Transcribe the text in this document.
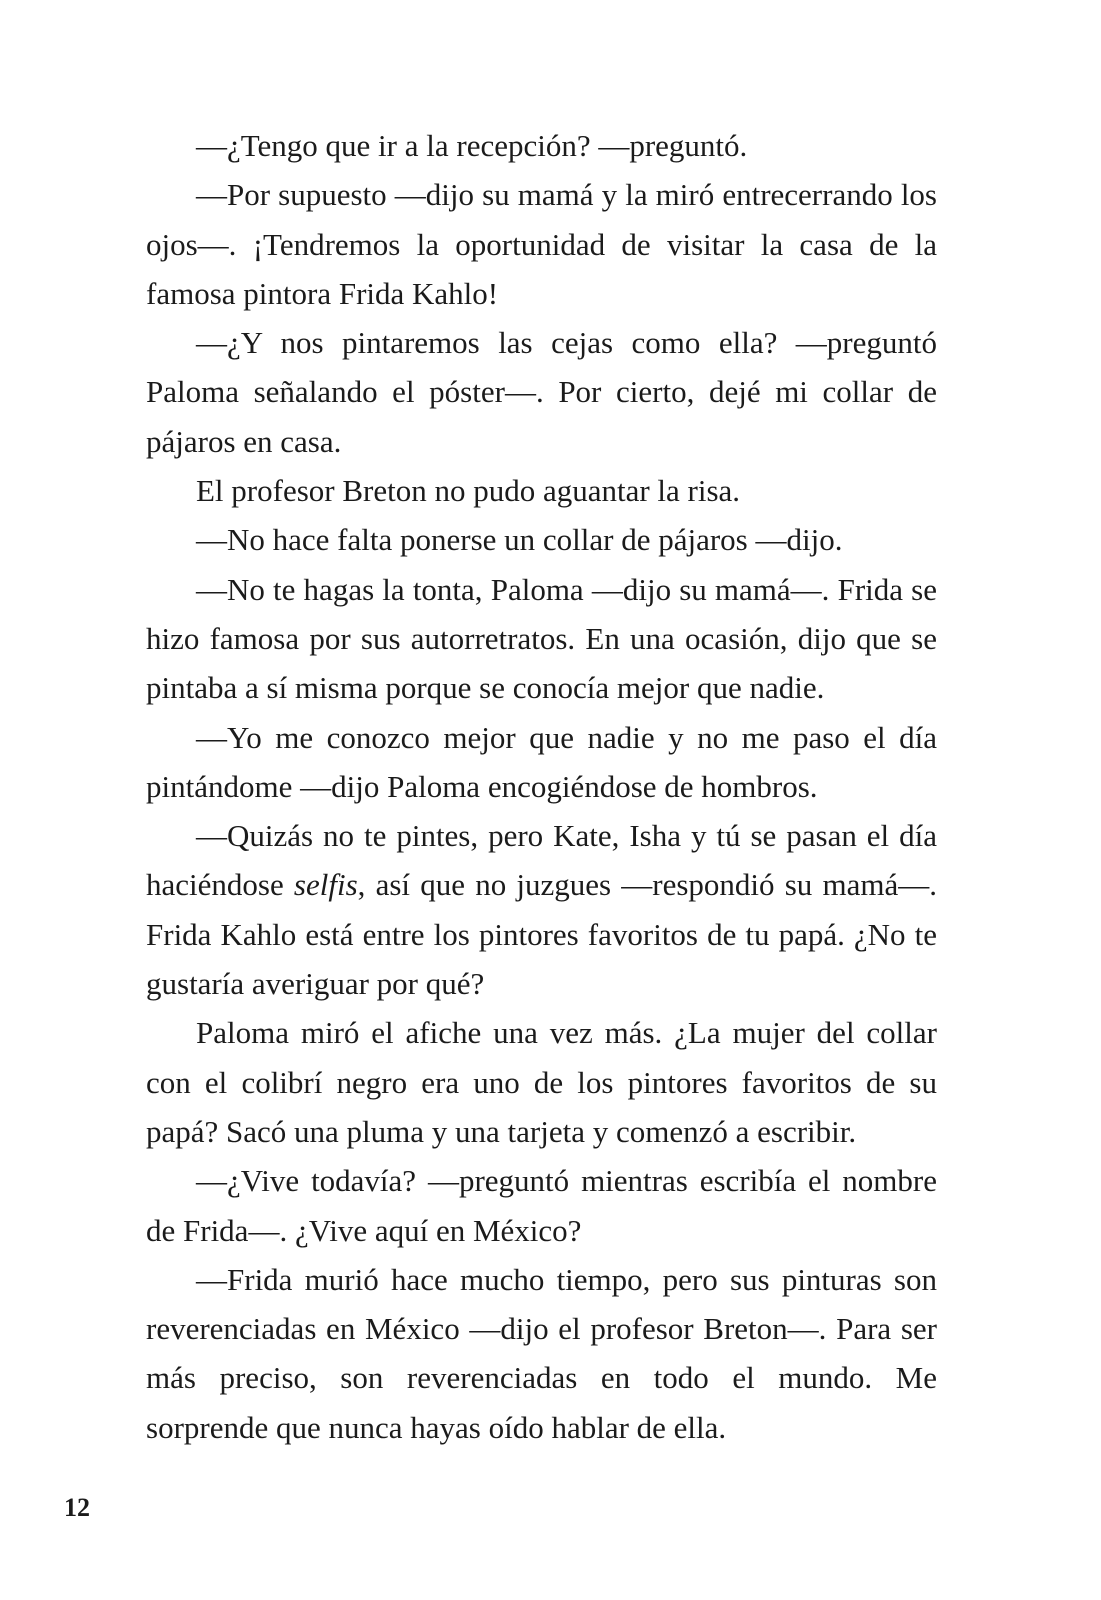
—¿Tengo que ir a la recepción? —preguntó.

—Por supuesto —dijo su mamá y la miró entrecerrando los ojos—. ¡Tendremos la oportunidad de visitar la casa de la famosa pintora Frida Kahlo!

—¿Y nos pintaremos las cejas como ella? —preguntó Paloma señalando el póster—. Por cierto, dejé mi collar de pájaros en casa.

El profesor Breton no pudo aguantar la risa.

—No hace falta ponerse un collar de pájaros —dijo.

—No te hagas la tonta, Paloma —dijo su mamá—. Frida se hizo famosa por sus autorretratos. En una ocasión, dijo que se pintaba a sí misma porque se conocía mejor que nadie.

—Yo me conozco mejor que nadie y no me paso el día pintándome —dijo Paloma encogiéndose de hombros.

—Quizás no te pintes, pero Kate, Isha y tú se pasan el día haciéndose selfis, así que no juzgues —respondió su mamá—. Frida Kahlo está entre los pintores favoritos de tu papá. ¿No te gustaría averiguar por qué?

Paloma miró el afiche una vez más. ¿La mujer del collar con el colibrí negro era uno de los pintores favoritos de su papá? Sacó una pluma y una tarjeta y comenzó a escribir.

—¿Vive todavía? —preguntó mientras escribía el nombre de Frida—. ¿Vive aquí en México?

—Frida murió hace mucho tiempo, pero sus pinturas son reverenciadas en México —dijo el profesor Breton—. Para ser más preciso, son reverenciadas en todo el mundo. Me sorprende que nunca hayas oído hablar de ella.

12
